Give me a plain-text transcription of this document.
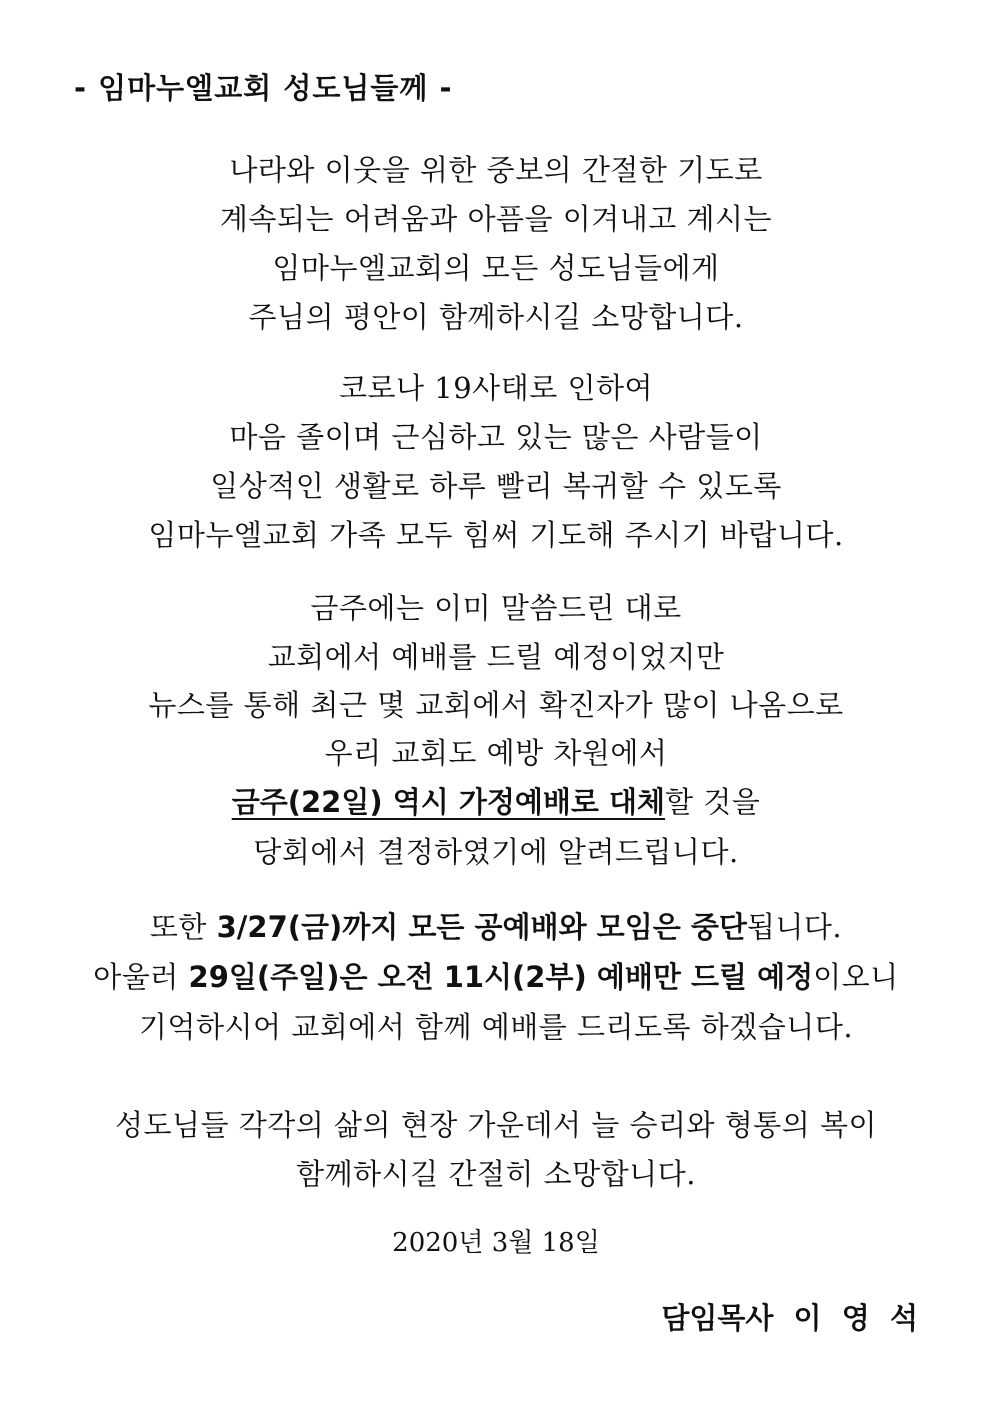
- 임마누엘교회 성도님들께 -
나라와 이웃을 위한 중보의 간절한 기도로
계속되는 어려움과 아픔을 이겨내고 계시는
임마누엘교회의 모든 성도님들에게
주님의 평안이 함께하시길 소망합니다.
코로나 19사태로 인하여
마음 졸이며 근심하고 있는 많은 사람들이
일상적인 생활로 하루 빨리 복귀할 수 있도록
임마누엘교회 가족 모두 힘써 기도해 주시기 바랍니다.
금주에는 이미 말씀드린 대로
교회에서 예배를 드릴 예정이었지만
뉴스를 통해 최근 몇 교회에서 확진자가 많이 나옴으로
우리 교회도 예방 차원에서
금주(22일) 역시 가정예배로 대체할 것을
당회에서 결정하였기에 알려드립니다.
또한 3/27(금)까지 모든 공예배와 모임은 중단됩니다.
아울러 29일(주일)은 오전 11시(2부) 예배만 드릴 예정이오니
기억하시어 교회에서 함께 예배를 드리도록 하겠습니다.
성도님들 각각의 삶의 현장 가운데서 늘 승리와 형통의 복이
함께하시길 간절히 소망합니다.
2020년 3월 18일
담임목사  이  영  석
